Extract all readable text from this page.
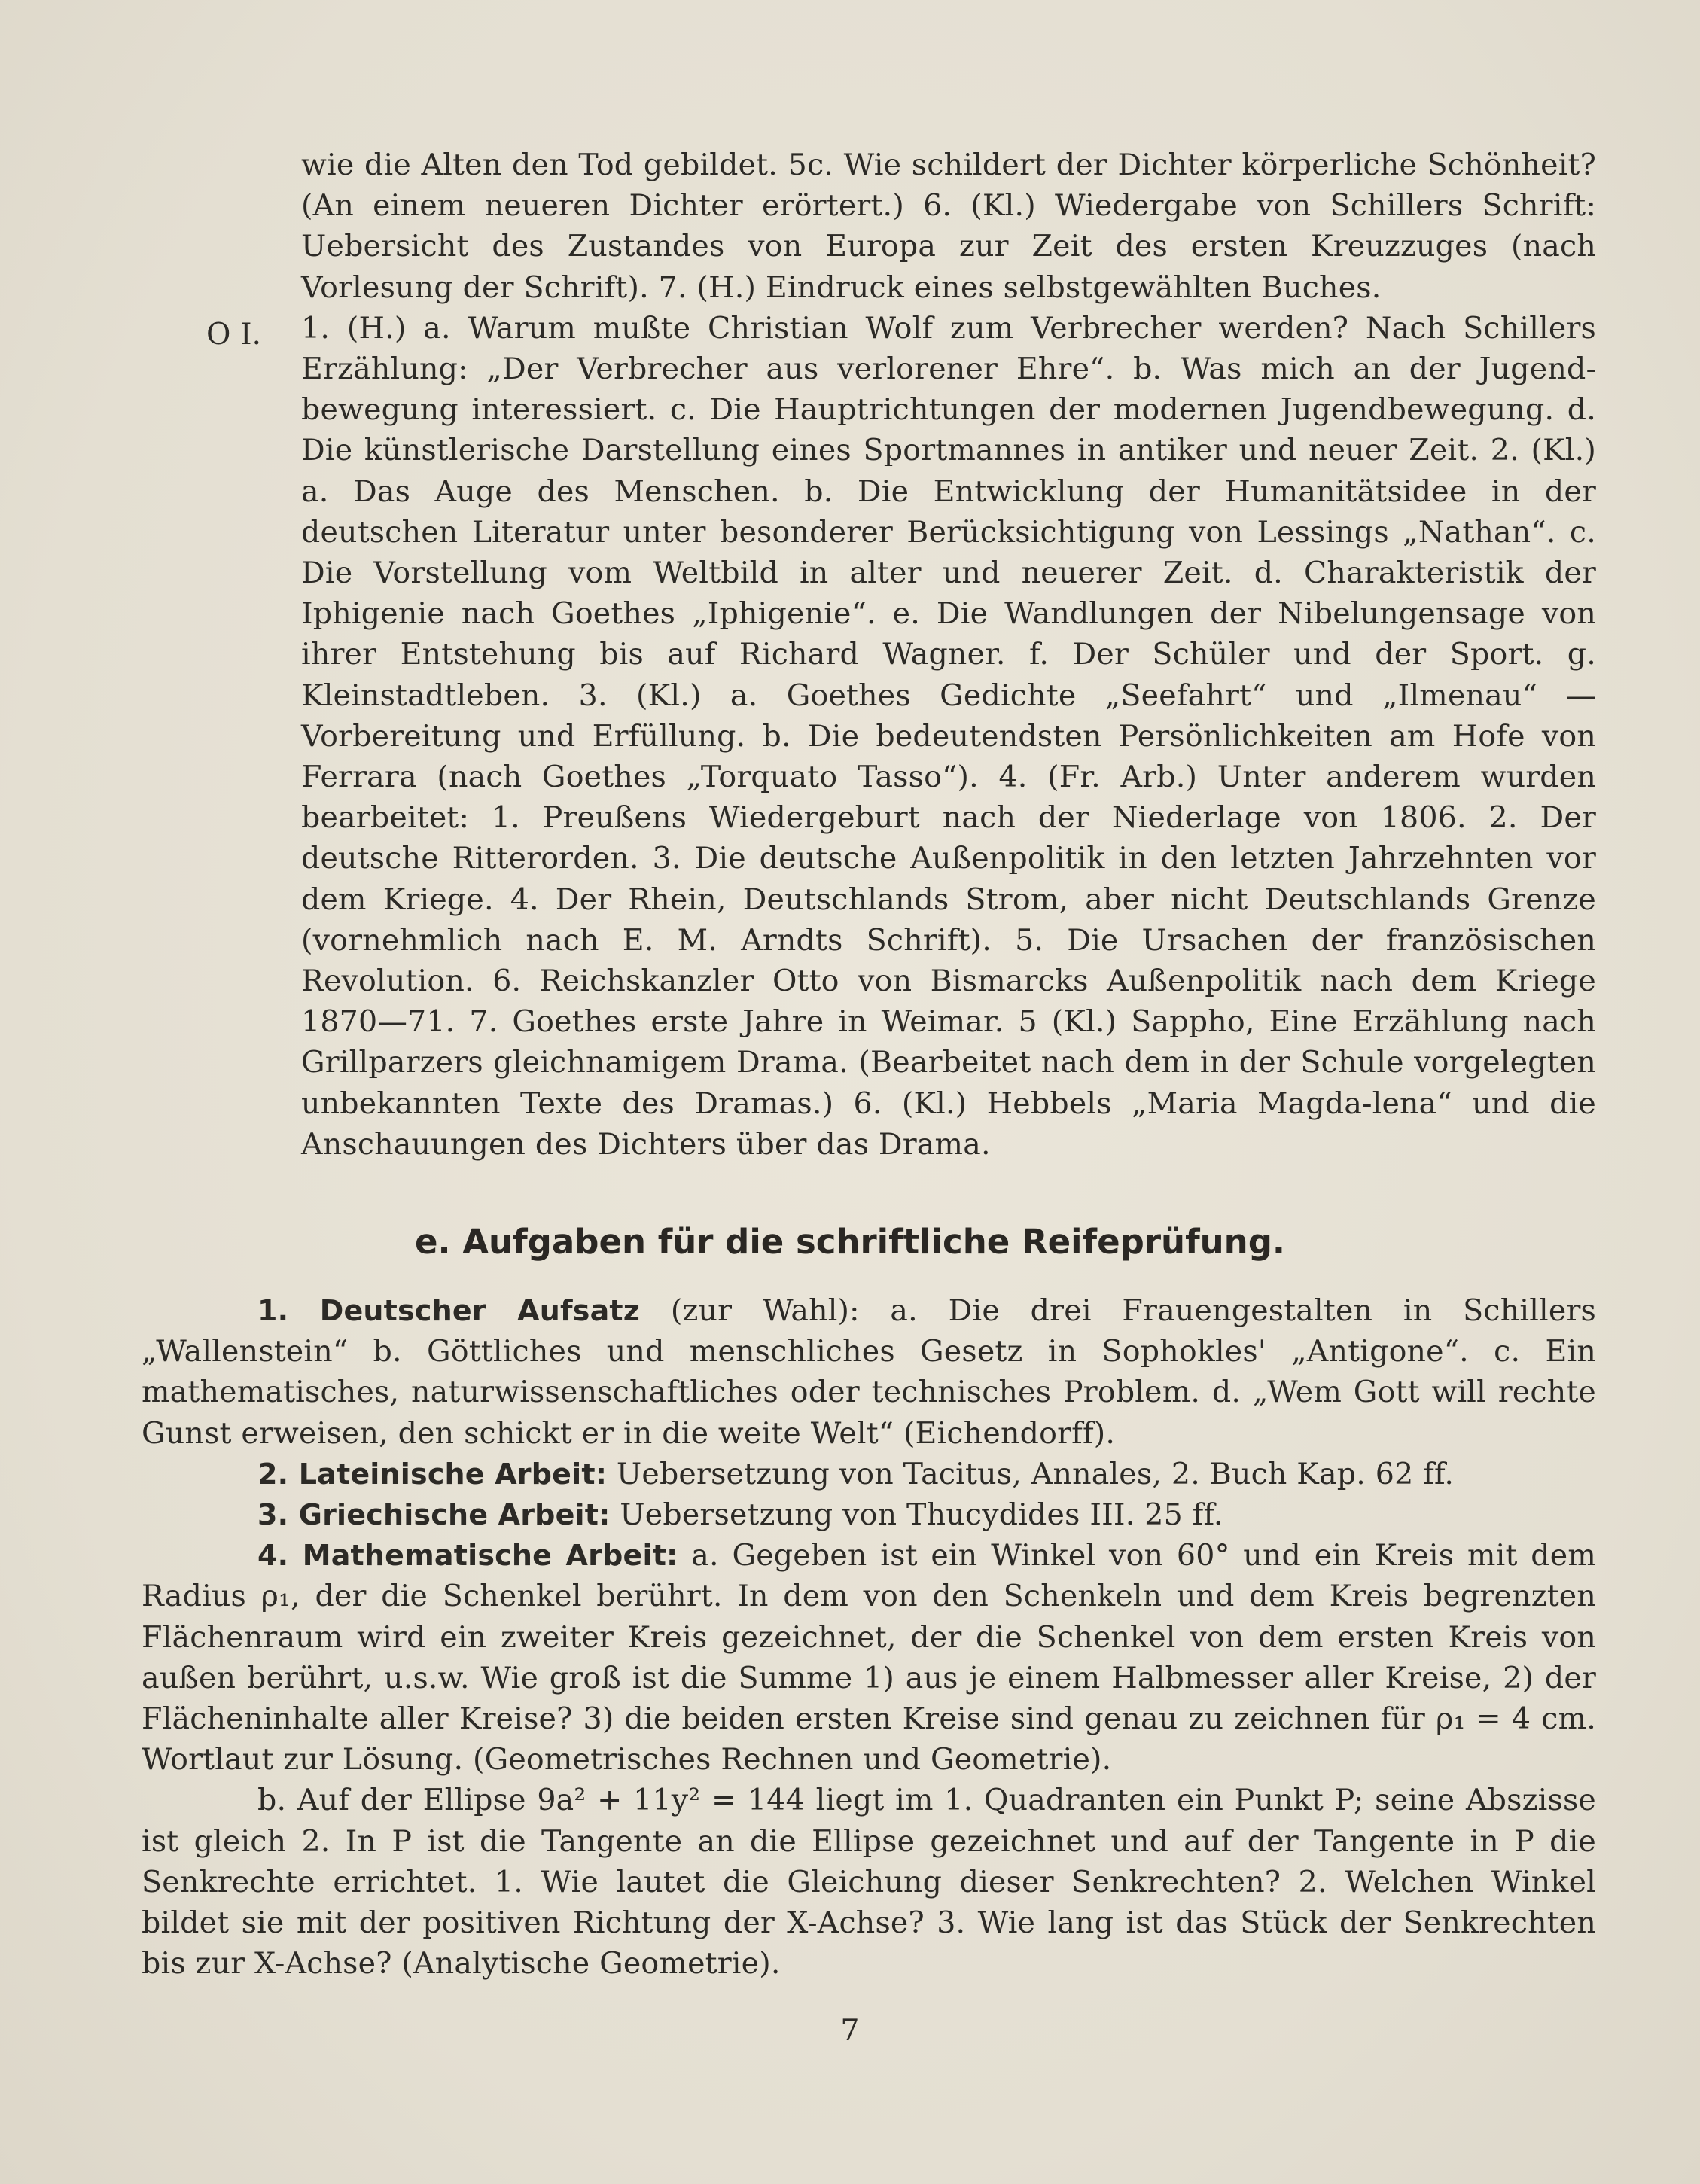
wie die Alten den Tod gebildet. 5c. Wie schildert der Dichter körperliche Schönheit? (An einem neueren Dichter erörtert.) 6. (Kl.) Wiedergabe von Schillers Schrift: Uebersicht des Zustandes von Europa zur Zeit des ersten Kreuzzuges (nach Vorlesung der Schrift). 7. (H.) Eindruck eines selbstgewählten Buches.

1. (H.) a. Warum mußte Christian Wolf zum Verbrecher werden? Nach Schillers Erzählung: „Der Verbrecher aus verlorener Ehre“. b. Was mich an der Jugend-bewegung interessiert. c. Die Hauptrichtungen der modernen Jugendbewegung. d. Die künstlerische Darstellung eines Sportmannes in antiker und neuer Zeit. 2. (Kl.) a. Das Auge des Menschen. b. Die Entwicklung der Humanitätsidee in der deutschen Literatur unter besonderer Berücksichtigung von Lessings „Nathan“. c. Die Vorstellung vom Weltbild in alter und neuerer Zeit. d. Charakteristik der Iphigenie nach Goethes „Iphigenie“. e. Die Wandlungen der Nibelungensage von ihrer Entstehung bis auf Richard Wagner. f. Der Schüler und der Sport. g. Kleinstadtleben. 3. (Kl.) a. Goethes Gedichte „Seefahrt“ und „Ilmenau“ — Vorbereitung und Erfüllung. b. Die bedeutendsten Persönlichkeiten am Hofe von Ferrara (nach Goethes „Torquato Tasso“). 4. (Fr. Arb.) Unter anderem wurden bearbeitet: 1. Preußens Wiedergeburt nach der Niederlage von 1806. 2. Der deutsche Ritterorden. 3. Die deutsche Außenpolitik in den letzten Jahrzehnten vor dem Kriege. 4. Der Rhein, Deutschlands Strom, aber nicht Deutschlands Grenze (vornehmlich nach E. M. Arndts Schrift). 5. Die Ursachen der französischen Revolution. 6. Reichskanzler Otto von Bismarcks Außenpolitik nach dem Kriege 1870—71. 7. Goethes erste Jahre in Weimar. 5 (Kl.) Sappho, Eine Erzählung nach Grillparzers gleichnamigem Drama. (Bearbeitet nach dem in der Schule vorgelegten unbekannten Texte des Dramas.) 6. (Kl.) Hebbels „Maria Magda-lena“ und die Anschauungen des Dichters über das Drama.

O I.
e. Aufgaben für die schriftliche Reifeprüfung.

1. Deutscher Aufsatz (zur Wahl): a. Die drei Frauengestalten in Schillers „Wallenstein“ b. Göttliches und menschliches Gesetz in Sophokles' „Antigone“. c. Ein mathematisches, naturwissenschaftliches oder technisches Problem. d. „Wem Gott will rechte Gunst erweisen, den schickt er in die weite Welt“ (Eichendorff).

2. Lateinische Arbeit: Uebersetzung von Tacitus, Annales, 2. Buch Kap. 62 ff.

3. Griechische Arbeit: Uebersetzung von Thucydides III. 25 ff.

4. Mathematische Arbeit: a. Gegeben ist ein Winkel von 60° und ein Kreis mit dem Radius ρ₁, der die Schenkel berührt. In dem von den Schenkeln und dem Kreis begrenzten Flächenraum wird ein zweiter Kreis gezeichnet, der die Schenkel von dem ersten Kreis von außen berührt, u.s.w. Wie groß ist die Summe 1) aus je einem Halbmesser aller Kreise, 2) der Flächeninhalte aller Kreise? 3) die beiden ersten Kreise sind genau zu zeichnen für ρ₁ = 4 cm. Wortlaut zur Lösung. (Geometrisches Rechnen und Geometrie).

b. Auf der Ellipse 9a² + 11y² = 144 liegt im 1. Quadranten ein Punkt P; seine Abszisse ist gleich 2. In P ist die Tangente an die Ellipse gezeichnet und auf der Tangente in P die Senkrechte errichtet. 1. Wie lautet die Gleichung dieser Senkrechten? 2. Welchen Winkel bildet sie mit der positiven Richtung der X-Achse? 3. Wie lang ist das Stück der Senkrechten bis zur X-Achse? (Analytische Geometrie).

7
